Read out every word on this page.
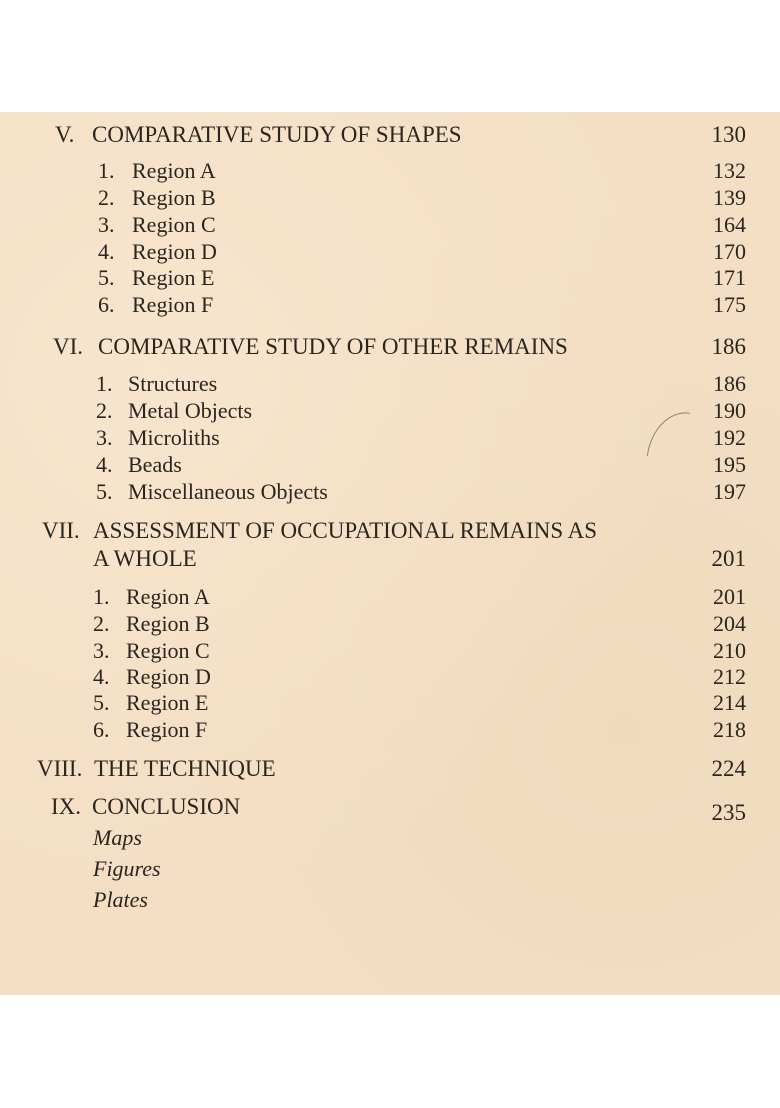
V. COMPARATIVE STUDY OF SHAPES	130
1. Region A	132
2. Region B	139
3. Region C	164
4. Region D	170
5. Region E	171
6. Region F	175
VI. COMPARATIVE STUDY OF OTHER REMAINS	186
1. Structures	186
2. Metal Objects	190
3. Microliths	192
4. Beads	195
5. Miscellaneous Objects	197
VII. ASSESSMENT OF OCCUPATIONAL REMAINS AS
A WHOLE	201
1. Region A	201
2. Region B	204
3. Region C	210
4. Region D	212
5. Region E	214
6. Region F	218
VIII. THE TECHNIQUE	224
IX. CONCLUSION	235
Maps
Figures
Plates
